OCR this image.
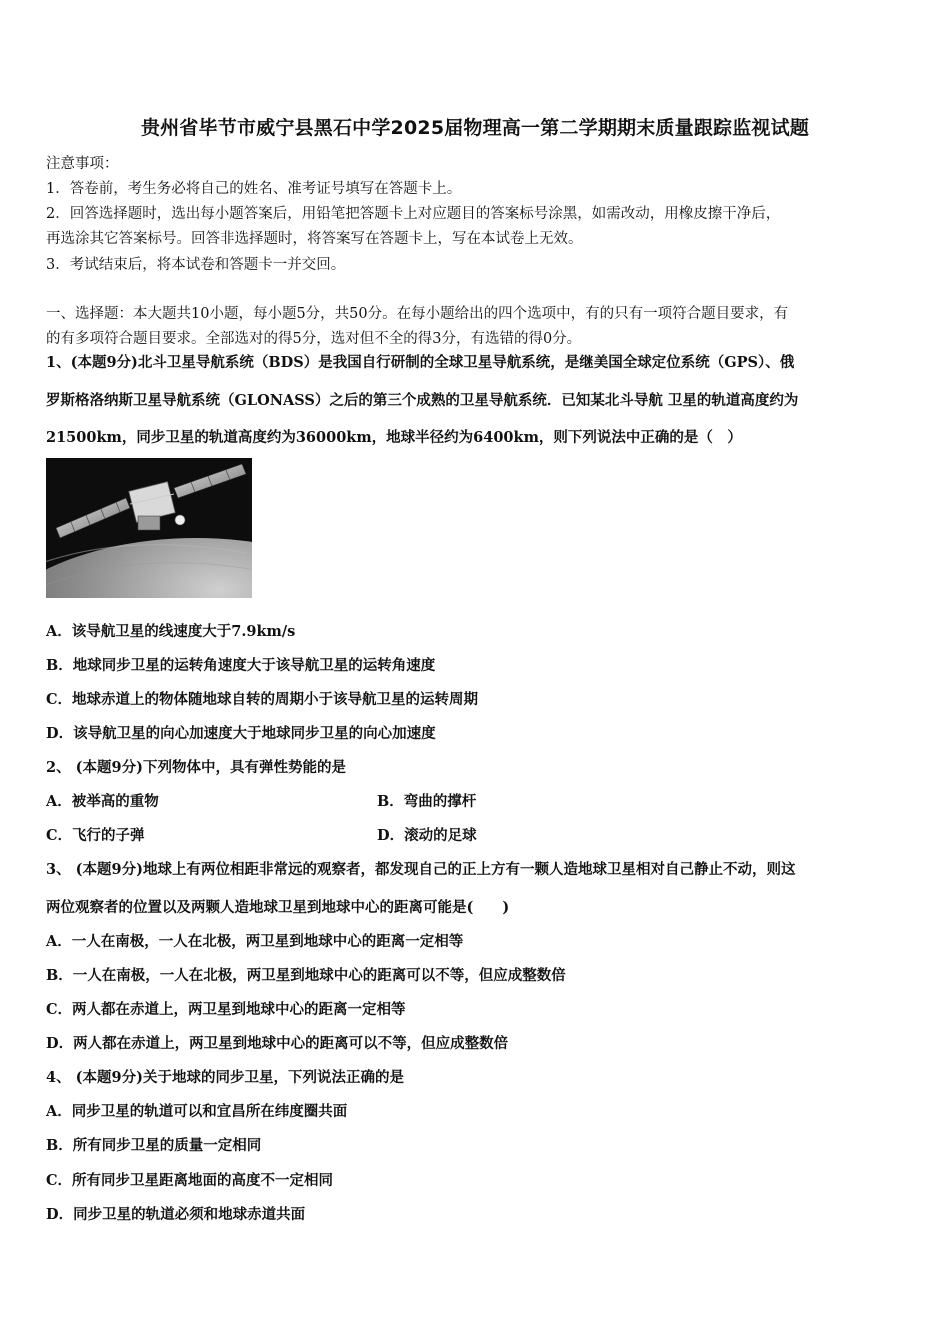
贵州省毕节市威宁县黑石中学2025届物理高一第二学期期末质量跟踪监视试题
注意事项：
1．答卷前，考生务必将自己的姓名、准考证号填写在答题卡上。
2．回答选择题时，选出每小题答案后，用铅笔把答题卡上对应题目的答案标号涂黑，如需改动，用橡皮擦干净后，
再选涂其它答案标号。回答非选择题时，将答案写在答题卡上，写在本试卷上无效。
3．考试结束后，将本试卷和答题卡一并交回。
一、选择题：本大题共10小题，每小题5分，共50分。在每小题给出的四个选项中，有的只有一项符合题目要求，有
的有多项符合题目要求。全部选对的得5分，选对但不全的得3分，有选错的得0分。
1、(本题9分)北斗卫星导航系统（BDS）是我国自行研制的全球卫星导航系统，是继美国全球定位系统（GPS）、俄
罗斯格洛纳斯卫星导航系统（GLONASS）之后的第三个成熟的卫星导航系统．已知某北斗导航 卫星的轨道高度约为
21500km，同步卫星的轨道高度约为36000km，地球半径约为6400km，则下列说法中正确的是（　）
A．该导航卫星的线速度大于7.9km/s
B．地球同步卫星的运转角速度大于该导航卫星的运转角速度
C．地球赤道上的物体随地球自转的周期小于该导航卫星的运转周期
D．该导航卫星的向心加速度大于地球同步卫星的向心加速度
2、 (本题9分)下列物体中，具有弹性势能的是
A．被举高的重物	B．弯曲的撑杆
C．飞行的子弹	D．滚动的足球
3、 (本题9分)地球上有两位相距非常远的观察者，都发现自己的正上方有一颗人造地球卫星相对自己静止不动，则这
两位观察者的位置以及两颗人造地球卫星到地球中心的距离可能是(　　)
A．一人在南极，一人在北极，两卫星到地球中心的距离一定相等
B．一人在南极，一人在北极，两卫星到地球中心的距离可以不等，但应成整数倍
C．两人都在赤道上，两卫星到地球中心的距离一定相等
D．两人都在赤道上，两卫星到地球中心的距离可以不等，但应成整数倍
4、 (本题9分)关于地球的同步卫星，下列说法正确的是
A．同步卫星的轨道可以和宜昌所在纬度圈共面
B．所有同步卫星的质量一定相同
C．所有同步卫星距离地面的高度不一定相同
D．同步卫星的轨道必须和地球赤道共面
